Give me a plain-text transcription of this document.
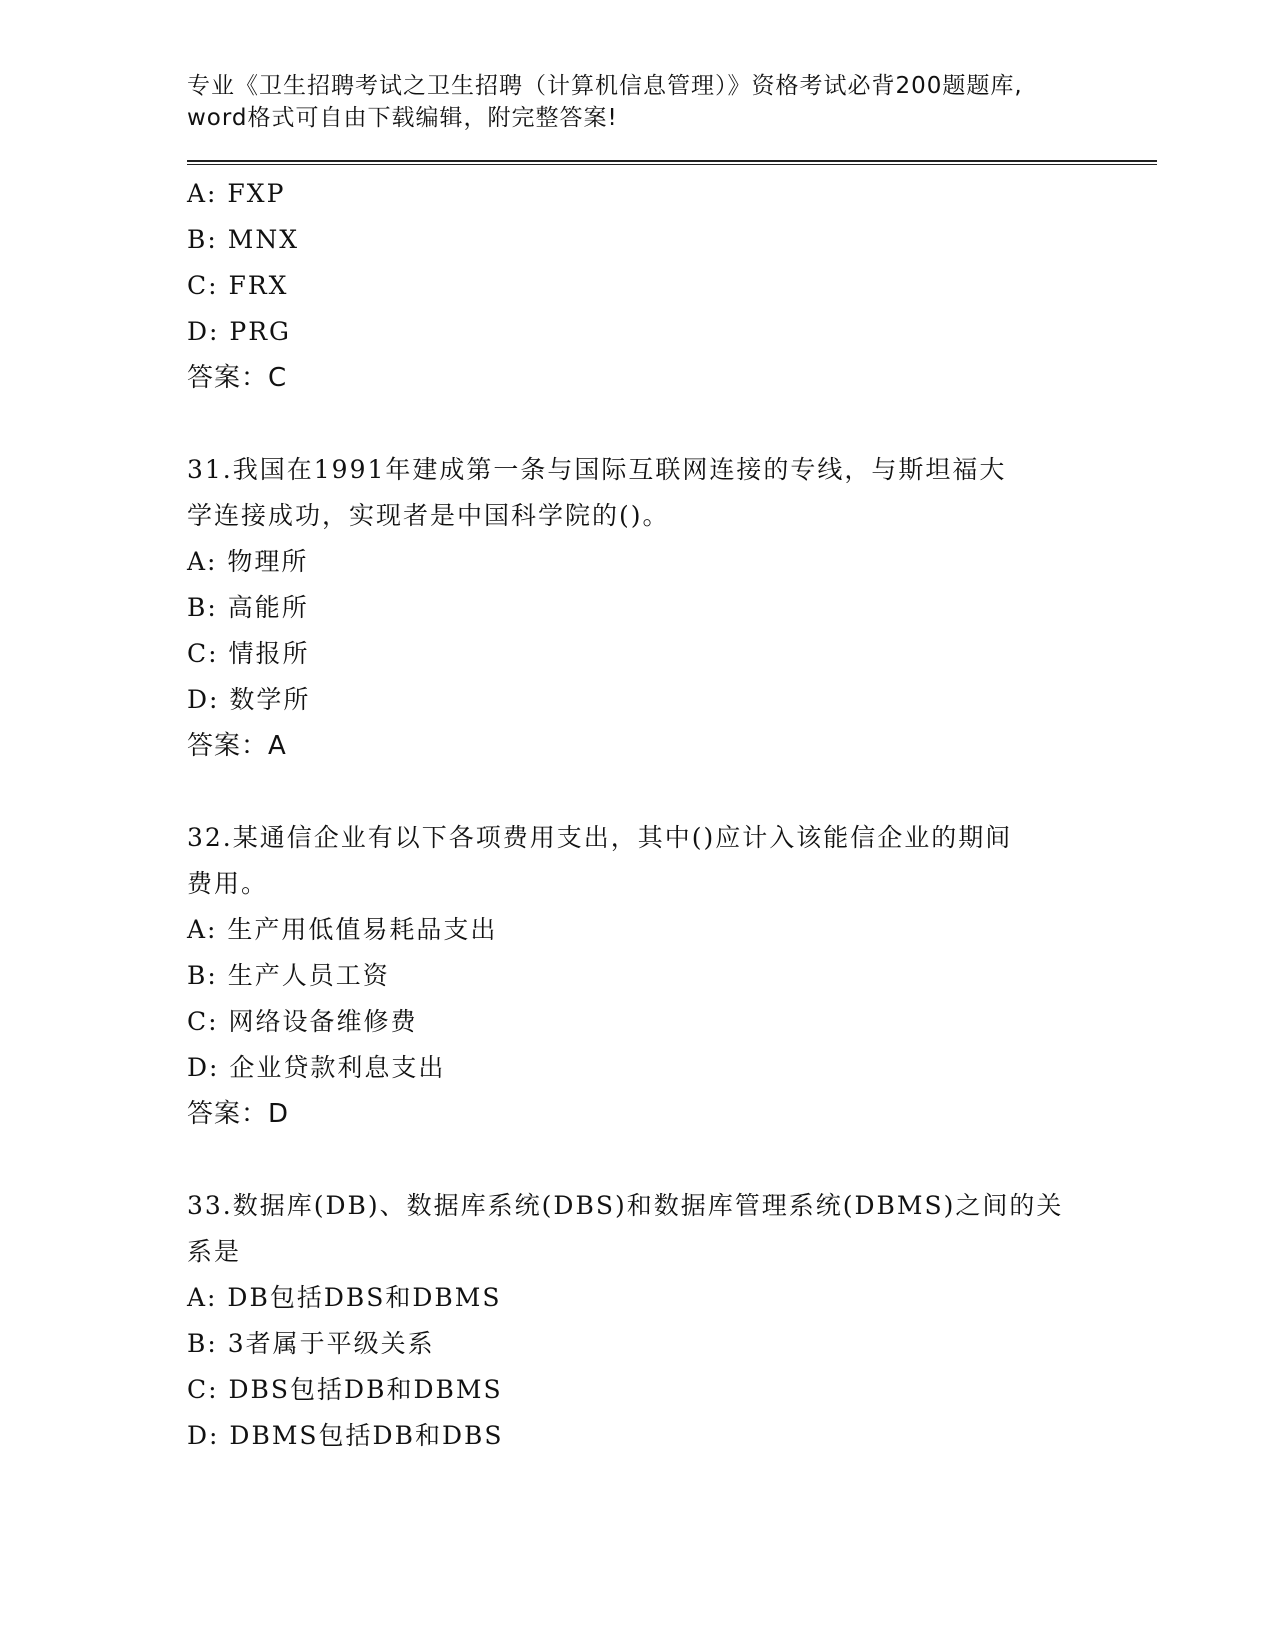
专业《卫生招聘考试之卫生招聘（计算机信息管理）》资格考试必背200题题库,

word格式可自由下载编辑，附完整答案!

A: FXP
B: MNX
C: FRX
D: PRG
答案：C
31.我国在1991年建成第一条与国际互联网连接的专线，与斯坦福大
学连接成功，实现者是中国科学院的()。
A: 物理所
B: 高能所
C: 情报所
D: 数学所
答案：A
32.某通信企业有以下各项费用支出，其中()应计入该能信企业的期间
费用。
A: 生产用低值易耗品支出
B: 生产人员工资
C: 网络设备维修费
D: 企业贷款利息支出
答案：D
33.数据库(DB)、数据库系统(DBS)和数据库管理系统(DBMS)之间的关
系是
A: DB包括DBS和DBMS
B: 3者属于平级关系
C: DBS包括DB和DBMS
D: DBMS包括DB和DBS
